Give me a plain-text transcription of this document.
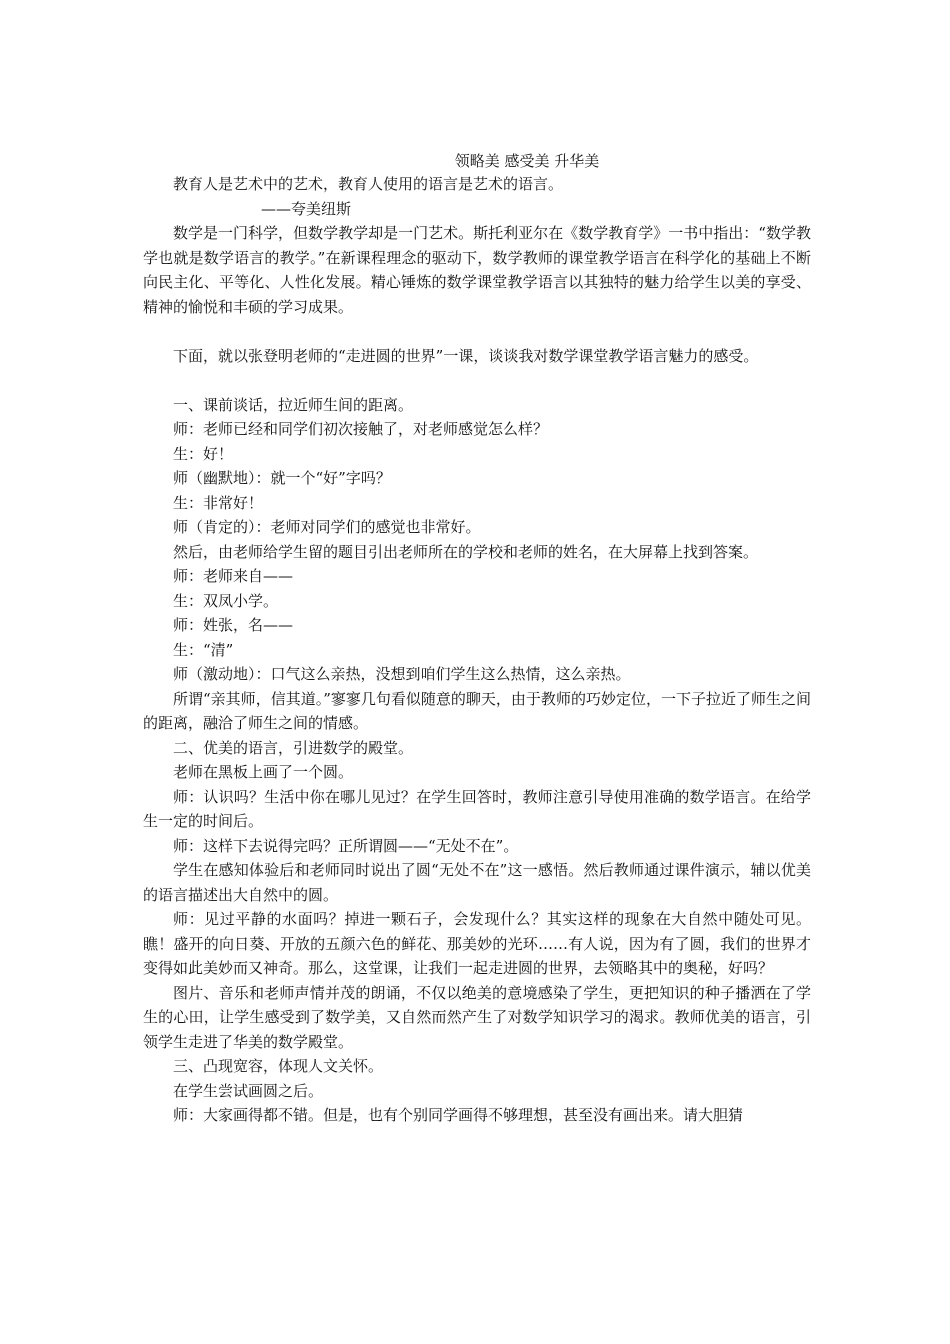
领略美 感受美 升华美

教育人是艺术中的艺术，教育人使用的语言是艺术的语言。

——夸美纽斯

数学是一门科学，但数学教学却是一门艺术。斯托利亚尔在《数学教育学》一书中指出：“数学教学也就是数学语言的教学。”在新课程理念的驱动下，数学教师的课堂教学语言在科学化的基础上不断向民主化、平等化、人性化发展。精心锤炼的数学课堂教学语言以其独特的魅力给学生以美的享受、精神的愉悦和丰硕的学习成果。

下面，就以张登明老师的“走进圆的世界”一课，谈谈我对数学课堂教学语言魅力的感受。

一、课前谈话，拉近师生间的距离。

师：老师已经和同学们初次接触了，对老师感觉怎么样？

生：好！

师（幽默地）：就一个“好”字吗？

生：非常好！

师（肯定的）：老师对同学们的感觉也非常好。

然后，由老师给学生留的题目引出老师所在的学校和老师的姓名，在大屏幕上找到答案。

师：老师来自——

生：双凤小学。

师：姓张，名——

生：“清”

师（激动地）：口气这么亲热，没想到咱们学生这么热情，这么亲热。

所谓“亲其师，信其道。”寥寥几句看似随意的聊天，由于教师的巧妙定位，一下子拉近了师生之间的距离，融洽了师生之间的情感。

二、优美的语言，引进数学的殿堂。

老师在黑板上画了一个圆。

师：认识吗？生活中你在哪儿见过？在学生回答时，教师注意引导使用准确的数学语言。在给学生一定的时间后。

师：这样下去说得完吗？正所谓圆——“无处不在”。

学生在感知体验后和老师同时说出了圆“无处不在”这一感悟。然后教师通过课件演示，辅以优美的语言描述出大自然中的圆。

师：见过平静的水面吗？掉进一颗石子，会发现什么？其实这样的现象在大自然中随处可见。瞧！盛开的向日葵、开放的五颜六色的鲜花、那美妙的光环……有人说，因为有了圆，我们的世界才变得如此美妙而又神奇。那么，这堂课，让我们一起走进圆的世界，去领略其中的奥秘，好吗？

图片、音乐和老师声情并茂的朗诵，不仅以绝美的意境感染了学生，更把知识的种子播洒在了学生的心田，让学生感受到了数学美，又自然而然产生了对数学知识学习的渴求。教师优美的语言，引领学生走进了华美的数学殿堂。

三、凸现宽容，体现人文关怀。

在学生尝试画圆之后。

师：大家画得都不错。但是，也有个别同学画得不够理想，甚至没有画出来。请大胆猜
